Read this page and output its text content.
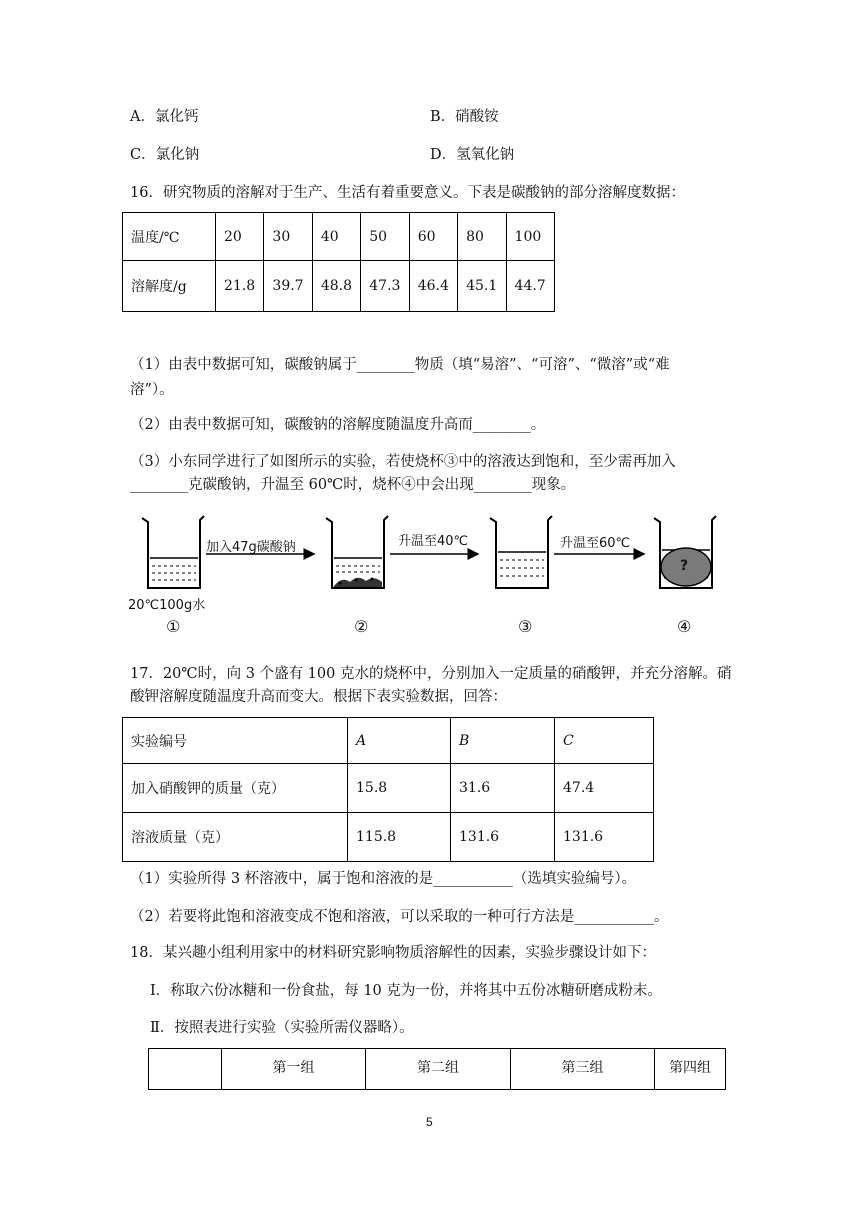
A．氯化钙	B．硝酸铵
C．氯化钠	D．氢氧化钠
16．研究物质的溶解对于生产、生活有着重要意义。下表是碳酸钠的部分溶解度数据：
温度/℃	20	30	40	50	60	80	100
溶解度/g	21.8	39.7	48.8	47.3	46.4	45.1	44.7
（1）由表中数据可知，碳酸钠属于________物质（填“易溶”、“可溶”、“微溶”或“难
溶”）。
（2）由表中数据可知，碳酸钠的溶解度随温度升高而________。
（3）小东同学进行了如图所示的实验，若使烧杯③中的溶液达到饱和，至少需再加入
________克碳酸钠，升温至 60℃时，烧杯④中会出现________现象。
加入47g碳酸钠	升温至40℃	升温至60℃
?
20℃100g水
①	②	③	④
17．20℃时，向 3 个盛有 100 克水的烧杯中，分别加入一定质量的硝酸钾，并充分溶解。硝
酸钾溶解度随温度升高而变大。根据下表实验数据，回答：
实验编号	A	B	C
加入硝酸钾的质量（克）	15.8	31.6	47.4
溶液质量（克）	115.8	131.6	131.6
（1）实验所得 3 杯溶液中，属于饱和溶液的是___________（选填实验编号）。
（2）若要将此饱和溶液变成不饱和溶液，可以采取的一种可行方法是___________。
18．某兴趣小组利用家中的材料研究影响物质溶解性的因素，实验步骤设计如下：
Ⅰ．称取六份冰糖和一份食盐，每 10 克为一份，并将其中五份冰糖研磨成粉末。
Ⅱ．按照表进行实验（实验所需仪器略）。
	第一组	第二组	第三组	第四组
5
